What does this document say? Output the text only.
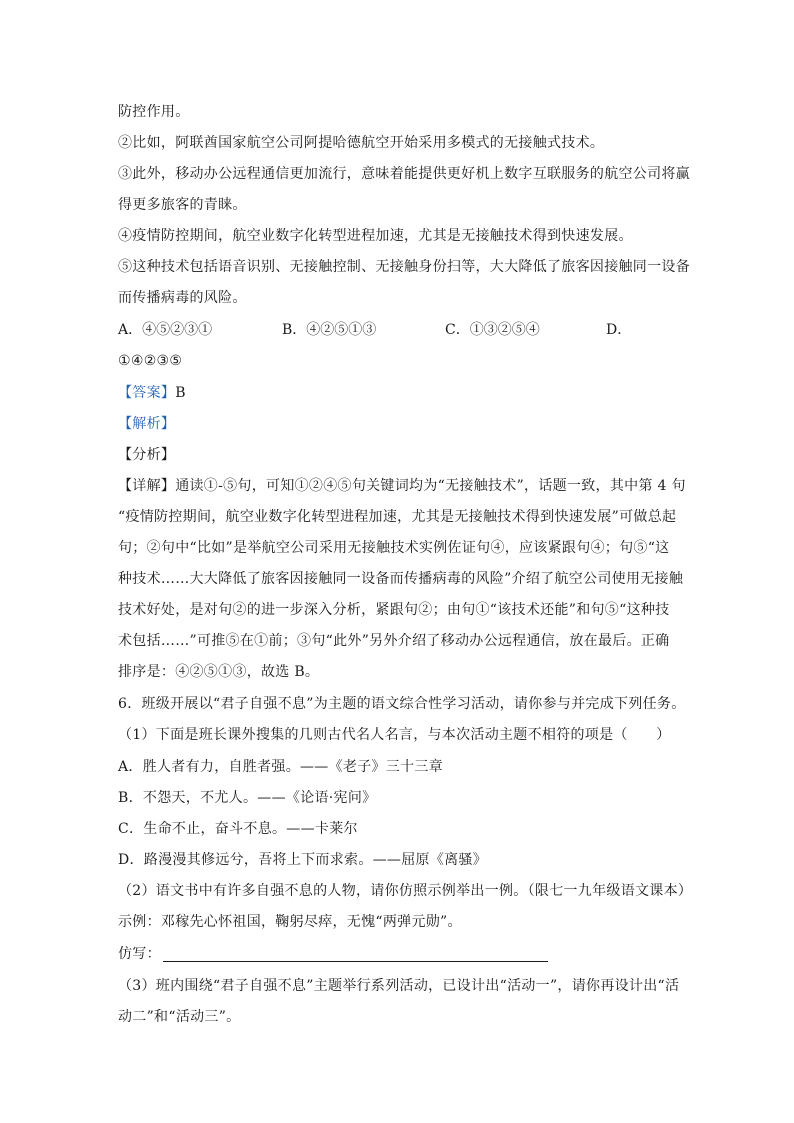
防控作用。
②比如，阿联酋国家航空公司阿提哈德航空开始采用多模式的无接触式技术。
③此外，移动办公远程通信更加流行，意味着能提供更好机上数字互联服务的航空公司将赢
得更多旅客的青睐。
④疫情防控期间，航空业数字化转型进程加速，尤其是无接触技术得到快速发展。
⑤这种技术包括语音识别、无接触控制、无接触身份扫等，大大降低了旅客因接触同一设备
而传播病毒的风险。
A．④⑤②③①	B．④②⑤①③	C．①③②⑤④	D．
①④②③⑤
【答案】B
【解析】
【分析】
【详解】通读①-⑤句，可知①②④⑤句关键词均为“无接触技术”，话题一致，其中第 4 句
“疫情防控期间，航空业数字化转型进程加速，尤其是无接触技术得到快速发展”可做总起
句；②句中“比如”是举航空公司采用无接触技术实例佐证句④，应该紧跟句④；句⑤“这
种技术……大大降低了旅客因接触同一设备而传播病毒的风险”介绍了航空公司使用无接触
技术好处，是对句②的进一步深入分析，紧跟句②；由句①“该技术还能”和句⑤“这种技
术包括……”可推⑤在①前；③句“此外”另外介绍了移动办公远程通信，放在最后。正确
排序是：④②⑤①③，故选 B。
6．班级开展以“君子自强不息”为主题的语文综合性学习活动，请你参与并完成下列任务。
（1）下面是班长课外搜集的几则古代名人名言，与本次活动主题不相符的项是（　　）
A．胜人者有力，自胜者强。——《老子》三十三章
B．不怨天，不尤人。——《论语·宪问》
C．生命不止，奋斗不息。——卡莱尔
D．路漫漫其修远兮，吾将上下而求索。——屈原《离骚》
（2）语文书中有许多自强不息的人物，请你仿照示例举出一例。（限七一九年级语文课本）
示例：邓稼先心怀祖国，鞠躬尽瘁，无愧“两弹元勋”。
仿写：
（3）班内围绕“君子自强不息”主题举行系列活动，已设计出“活动一”，请你再设计出“活
动二”和“活动三”。
